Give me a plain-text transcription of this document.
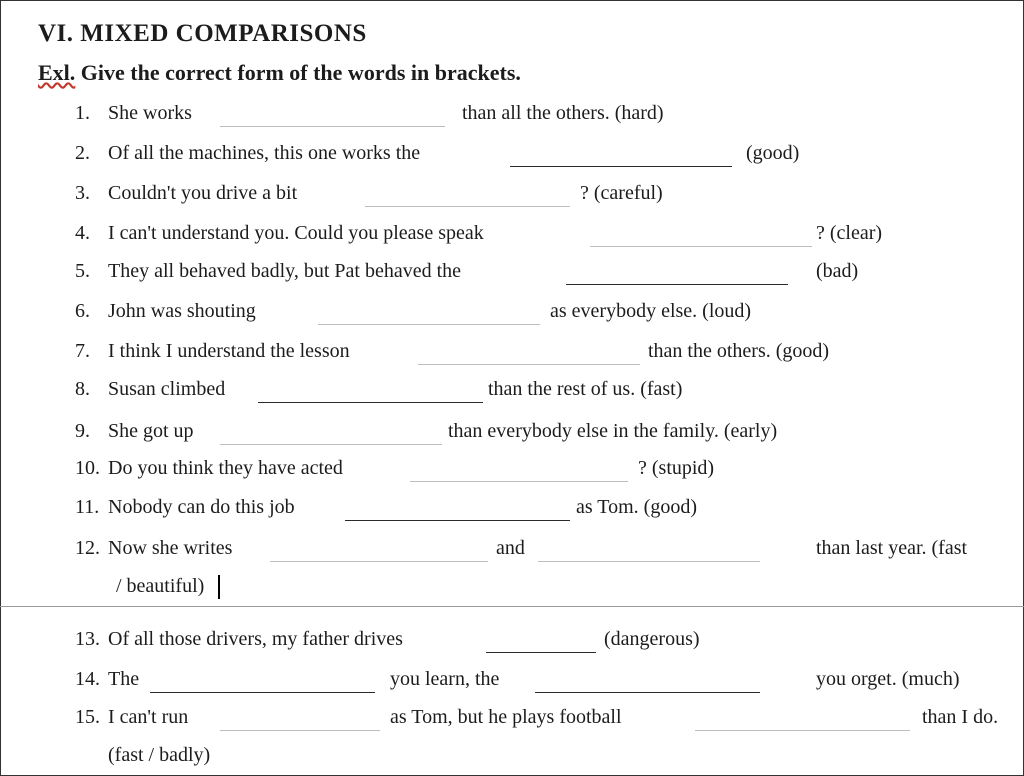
VI. MIXED COMPARISONS
Exl. Give the correct form of the words in brackets.
1. She works	than all the others. (hard)
2. Of all the machines, this one works the	(good)
3. Couldn't you drive a bit	? (careful)
4. I can't understand you. Could you please speak	? (clear)
5. They all behaved badly, but Pat behaved the	(bad)
6. John was shouting	as everybody else. (loud)
7. I think I understand the lesson	than the others. (good)
8. Susan climbed	than the rest of us. (fast)
9. She got up	than everybody else in the family. (early)
10. Do you think they have acted	? (stupid)
11. Nobody can do this job	as Tom. (good)
12. Now she writes	and	than last year. (fast
/ beautiful)
13. Of all those drivers, my father drives	(dangerous)
14. The	you learn, the	you orget. (much)
15. I can't run	as Tom, but he plays football	than I do.
(fast / badly)
